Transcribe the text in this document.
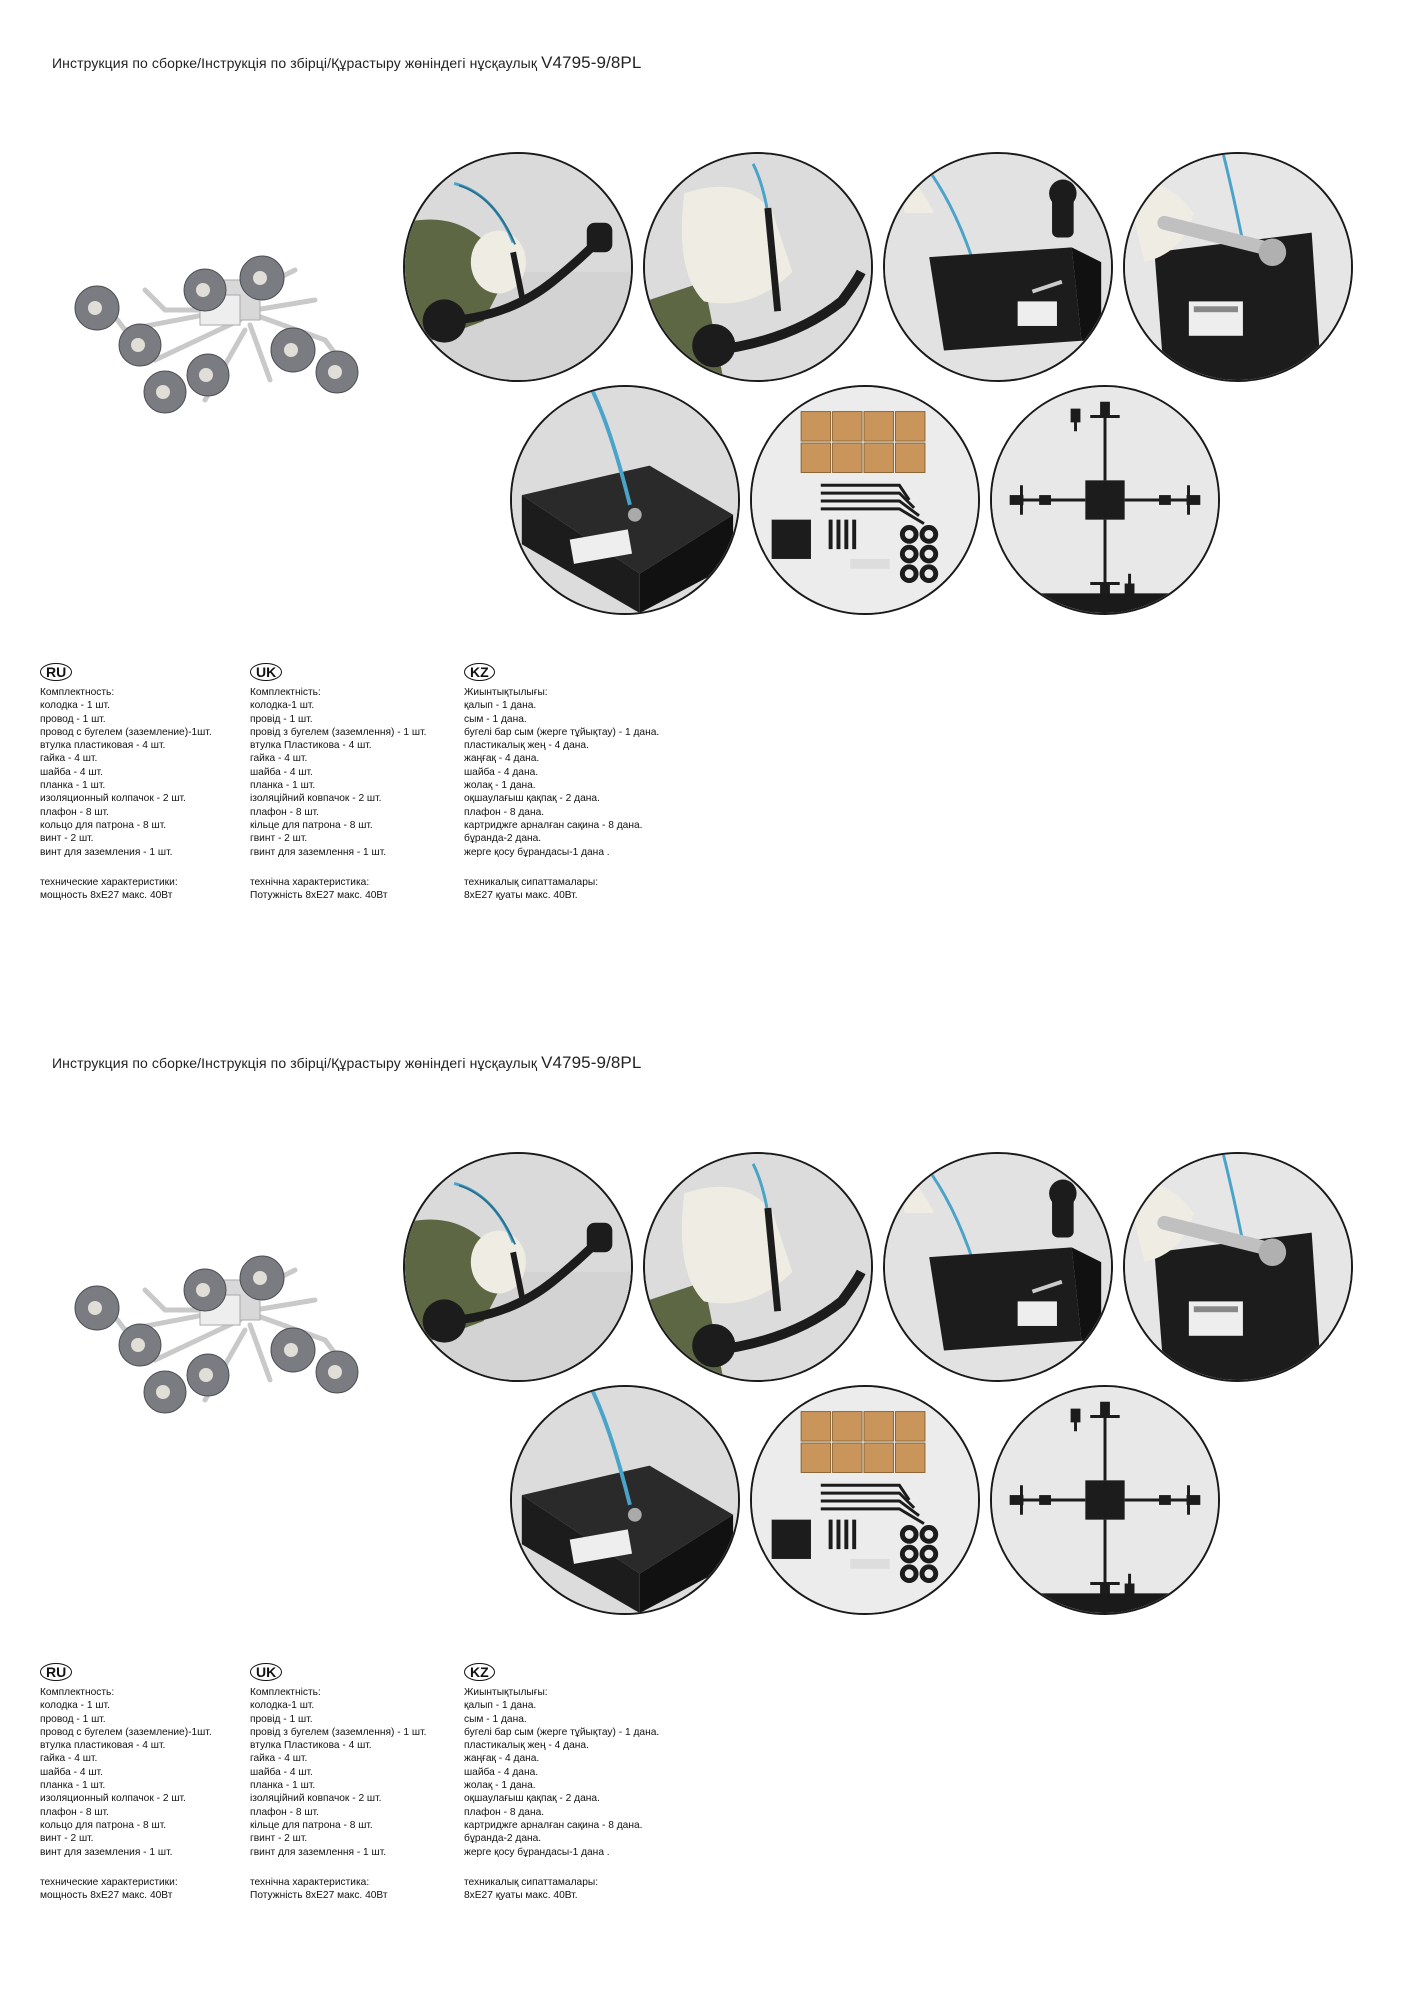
Инструкция по сборке/Інструкція по збірці/Құрастыру жөніндегі нұсқаулық V4795-9/8PL
RU
Комплектность:
колодка - 1 шт.
провод - 1 шт.
провод с бугелем (заземление)-1шт.
втулка пластиковая - 4 шт.
гайка - 4 шт.
шайба - 4 шт.
планка - 1 шт.
изоляционный колпачок - 2 шт.
плафон - 8 шт.
кольцо для патрона - 8 шт.
винт - 2 шт.
винт для заземления - 1 шт.
технические характеристики:
мощность 8хЕ27 макс. 40Вт
UK
Комплектність:
колодка-1 шт.
провід - 1 шт.
провід з бугелем (заземлення) - 1 шт.
втулка Пластикова - 4 шт.
гайка - 4 шт.
шайба - 4 шт.
планка - 1 шт.
ізоляційний ковпачок - 2 шт.
плафон - 8 шт.
кільце для патрона - 8 шт.
гвинт - 2 шт.
гвинт для заземлення - 1 шт.
технічна характеристика:
Потужність 8хЕ27 макс. 40Вт
KZ
Жиынтықтылығы:
қалып - 1 дана.
сым - 1 дана.
бугелі бар сым (жерге тұйықтау) - 1 дана.
пластикалық жең - 4 дана.
жаңғақ - 4 дана.
шайба - 4 дана.
жолақ - 1 дана.
оқшаулағыш қақпақ - 2 дана.
плафон - 8 дана.
картриджге арналған сақина - 8 дана.
бұранда-2 дана.
жерге қосу бұрандасы-1 дана .
техникалық сипаттамалары:
8хЕ27 қуаты макс. 40Вт.
Инструкция по сборке/Інструкція по збірці/Құрастыру жөніндегі нұсқаулық V4795-9/8PL
RU
Комплектность:
колодка - 1 шт.
провод - 1 шт.
провод с бугелем (заземление)-1шт.
втулка пластиковая - 4 шт.
гайка - 4 шт.
шайба - 4 шт.
планка - 1 шт.
изоляционный колпачок - 2 шт.
плафон - 8 шт.
кольцо для патрона - 8 шт.
винт - 2 шт.
винт для заземления - 1 шт.
технические характеристики:
мощность 8хЕ27 макс. 40Вт
UK
Комплектність:
колодка-1 шт.
провід - 1 шт.
провід з бугелем (заземлення) - 1 шт.
втулка Пластикова - 4 шт.
гайка - 4 шт.
шайба - 4 шт.
планка - 1 шт.
ізоляційний ковпачок - 2 шт.
плафон - 8 шт.
кільце для патрона - 8 шт.
гвинт - 2 шт.
гвинт для заземлення - 1 шт.
технічна характеристика:
Потужність 8хЕ27 макс. 40Вт
KZ
Жиынтықтылығы:
қалып - 1 дана.
сым - 1 дана.
бугелі бар сым (жерге тұйықтау) - 1 дана.
пластикалық жең - 4 дана.
жаңғақ - 4 дана.
шайба - 4 дана.
жолақ - 1 дана.
оқшаулағыш қақпақ - 2 дана.
плафон - 8 дана.
картриджге арналған сақина - 8 дана.
бұранда-2 дана.
жерге қосу бұрандасы-1 дана .
техникалық сипаттамалары:
8хЕ27 қуаты макс. 40Вт.
